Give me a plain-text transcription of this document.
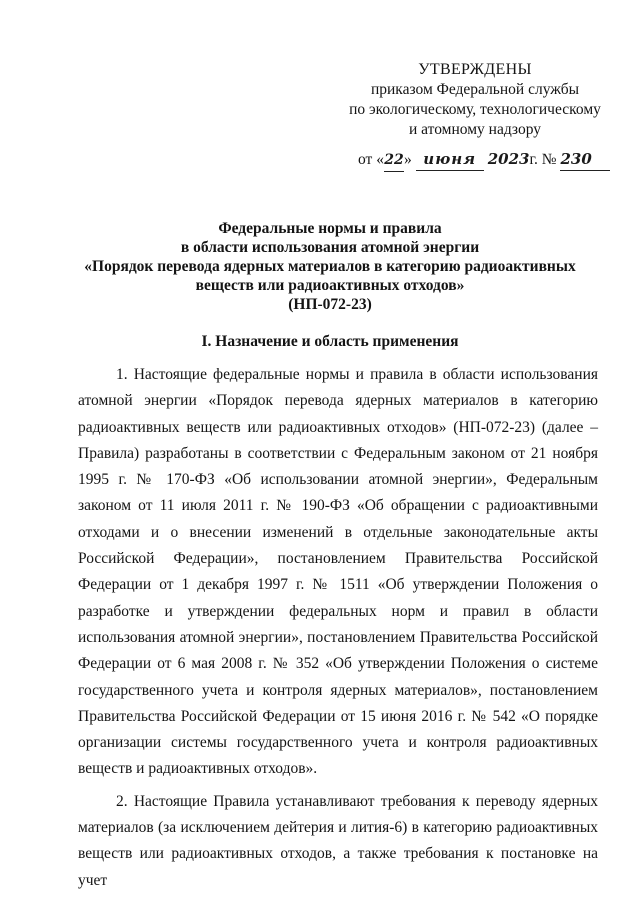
УТВЕРЖДЕНЫ
приказом Федеральной службы
по экологическому, технологическому
и атомному надзору
от «22» июня 2023г. № 230
Федеральные нормы и правила
в области использования атомной энергии
«Порядок перевода ядерных материалов в категорию радиоактивных
веществ или радиоактивных отходов»
(НП-072-23)
I. Назначение и область применения

1. Настоящие федеральные нормы и правила в области использования атомной энергии «Порядок перевода ядерных материалов в категорию радиоактивных веществ или радиоактивных отходов» (НП-072-23) (далее – Правила) разработаны в соответствии с Федеральным законом от 21 ноября 1995 г. № 170-ФЗ «Об использовании атомной энергии», Федеральным законом от 11 июля 2011 г. № 190-ФЗ «Об обращении с радиоактивными отходами и о внесении изменений в отдельные законодательные акты Российской Федерации», постановлением Правительства Российской Федерации от 1 декабря 1997 г. № 1511 «Об утверждении Положения о разработке и утверждении федеральных норм и правил в области использования атомной энергии», постановлением Правительства Российской Федерации от 6 мая 2008 г. № 352 «Об утверждении Положения о системе государственного учета и контроля ядерных материалов», постановлением Правительства Российской Федерации от 15 июня 2016 г. № 542 «О порядке организации системы государственного учета и контроля радиоактивных веществ и радиоактивных отходов».

2. Настоящие Правила устанавливают требования к переводу ядерных материалов (за исключением дейтерия и лития-6) в категорию радиоактивных веществ или радиоактивных отходов, а также требования к постановке на учет
